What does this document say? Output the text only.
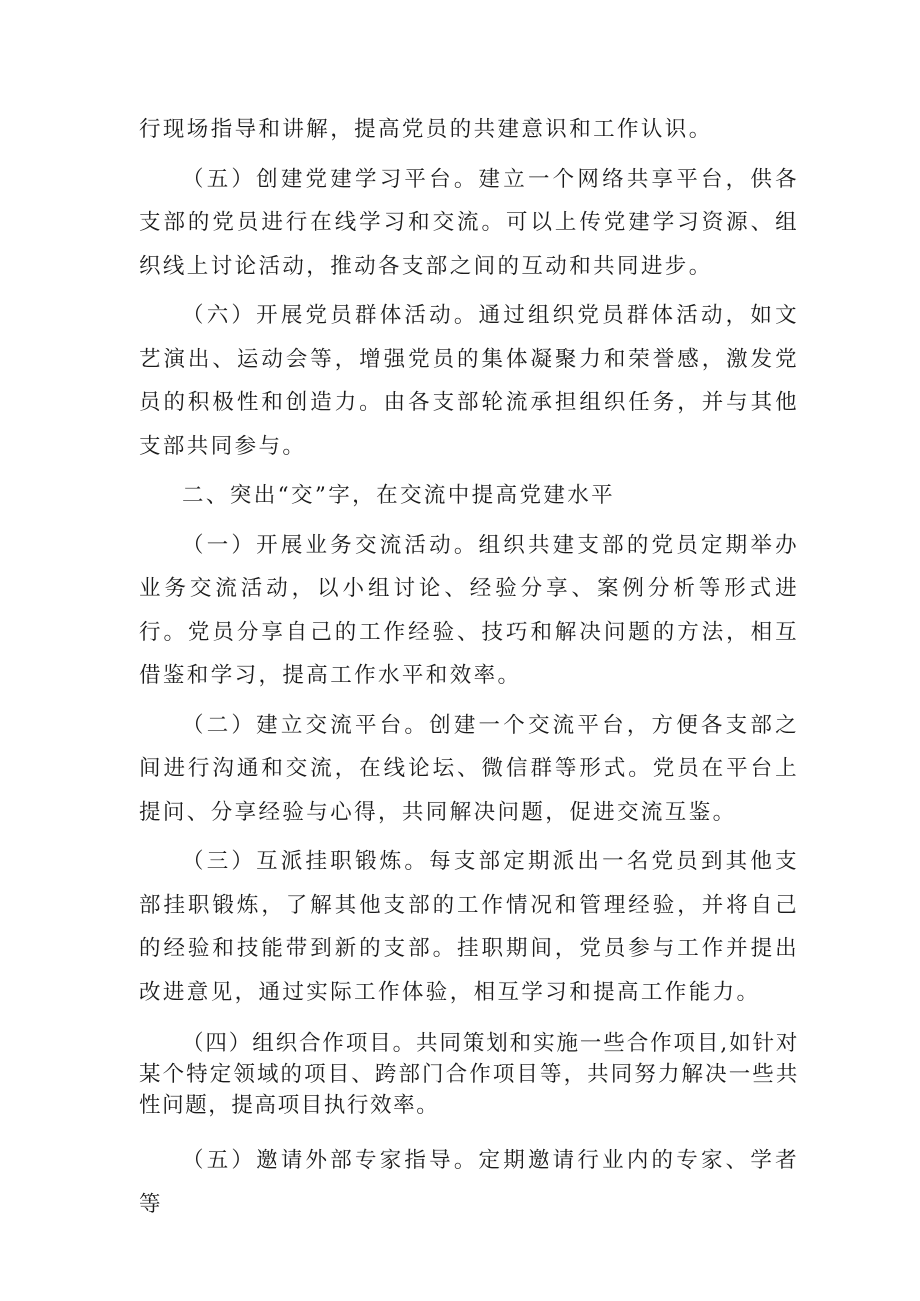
行现场指导和讲解，提高党员的共建意识和工作认识。

（五）创建党建学习平台。建立一个网络共享平台，供各支部的党员进行在线学习和交流。可以上传党建学习资源、组织线上讨论活动，推动各支部之间的互动和共同进步。

（六）开展党员群体活动。通过组织党员群体活动，如文艺演出、运动会等，增强党员的集体凝聚力和荣誉感，激发党员的积极性和创造力。由各支部轮流承担组织任务，并与其他支部共同参与。

二、突出“交”字，在交流中提高党建水平

（一）开展业务交流活动。组织共建支部的党员定期举办业务交流活动，以小组讨论、经验分享、案例分析等形式进行。党员分享自己的工作经验、技巧和解决问题的方法，相互借鉴和学习，提高工作水平和效率。

（二）建立交流平台。创建一个交流平台，方便各支部之间进行沟通和交流，在线论坛、微信群等形式。党员在平台上提问、分享经验与心得，共同解决问题，促进交流互鉴。

（三）互派挂职锻炼。每支部定期派出一名党员到其他支部挂职锻炼，了解其他支部的工作情况和管理经验，并将自己的经验和技能带到新的支部。挂职期间，党员参与工作并提出改进意见，通过实际工作体验，相互学习和提高工作能力。

（四）组织合作项目。共同策划和实施一些合作项目,如针对某个特定领域的项目、跨部门合作项目等，共同努力解决一些共性问题，提高项目执行效率。

（五）邀请外部专家指导。定期邀请行业内的专家、学者等
